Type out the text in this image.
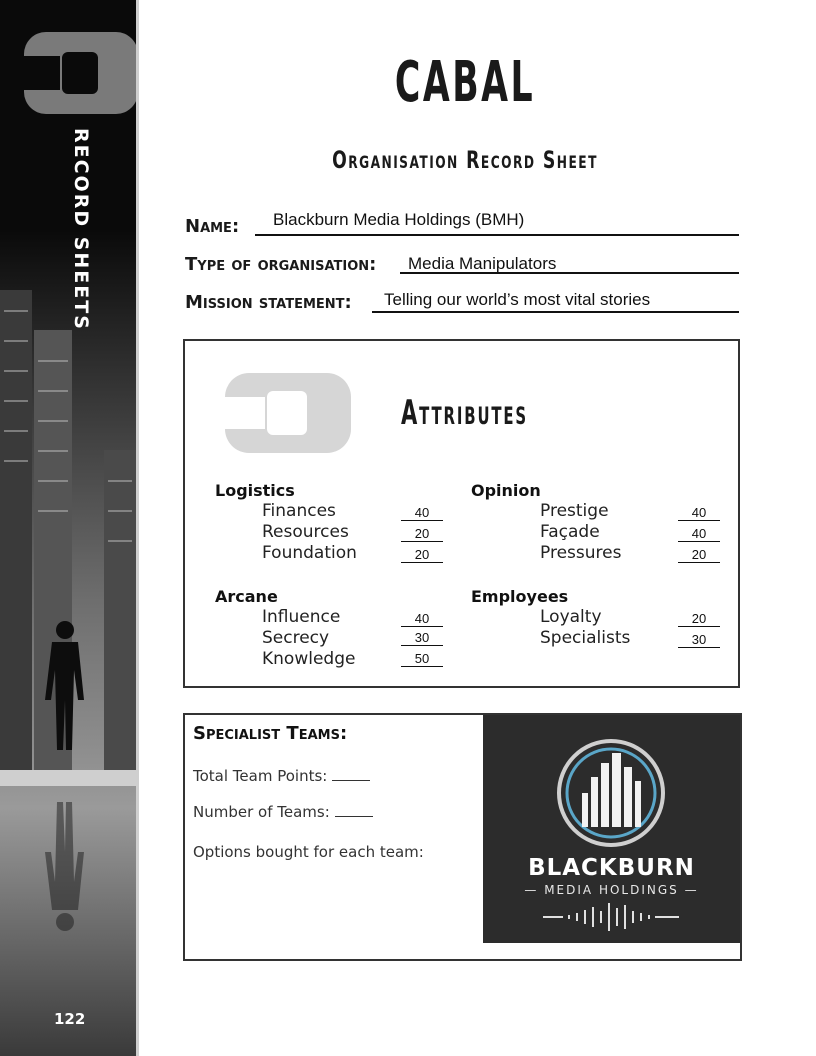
RECORD SHEETS
122
CABAL
Organisation Record Sheet
Name: Blackburn Media Holdings (BMH)
Type of organisation: Media Manipulators
Mission statement: Telling our world’s most vital stories
Attributes
Logistics
Finances	40
Resources	20
Foundation	20
Opinion
Prestige	40
Façade	40
Pressures	20
Arcane
Influence	40
Secrecy	30
Knowledge	50
Employees
Loyalty	20
Specialists	30
Specialist Teams:
Total Team Points:
Number of Teams:
Options bought for each team:
BLACKBURN
— MEDIA HOLDINGS —
